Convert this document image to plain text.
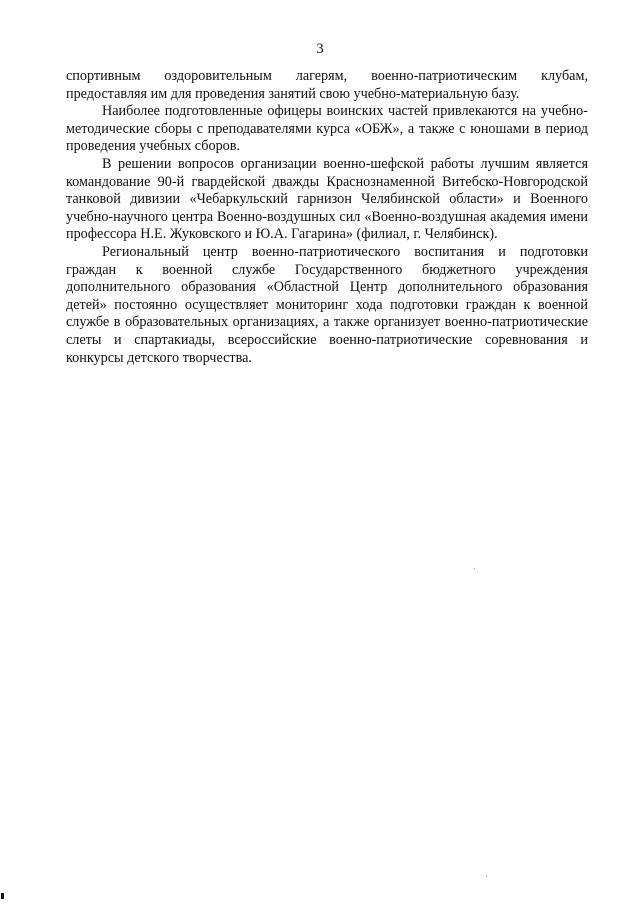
3

спортивным оздоровительным лагерям, военно-патриотическим клубам, предоставляя им для проведения занятий свою учебно-материальную базу.

Наиболее подготовленные офицеры воинских частей привлекаются на учебно-методические сборы с преподавателями курса «ОБЖ», а также с юношами в период проведения учебных сборов.

В решении вопросов организации военно-шефской работы лучшим является командование 90-й гвардейской дважды Краснознаменной Витебско-Новгородской танковой дивизии «Чебаркульский гарнизон Челябинской области» и Военного учебно-научного центра Военно-воздушных сил «Военно-воздушная академия имени профессора Н.Е. Жуковского и Ю.А. Гагарина» (филиал, г. Челябинск).

Региональный центр военно-патриотического воспитания и подготовки граждан к военной службе Государственного бюджетного учреждения дополнительного образования «Областной Центр дополнительного образования детей» постоянно осуществляет мониторинг хода подготовки граждан к военной службе в образовательных организациях, а также организует военно-патриотические слеты и спартакиады, всероссийские военно-патриотические соревнования и конкурсы детского творчества.
